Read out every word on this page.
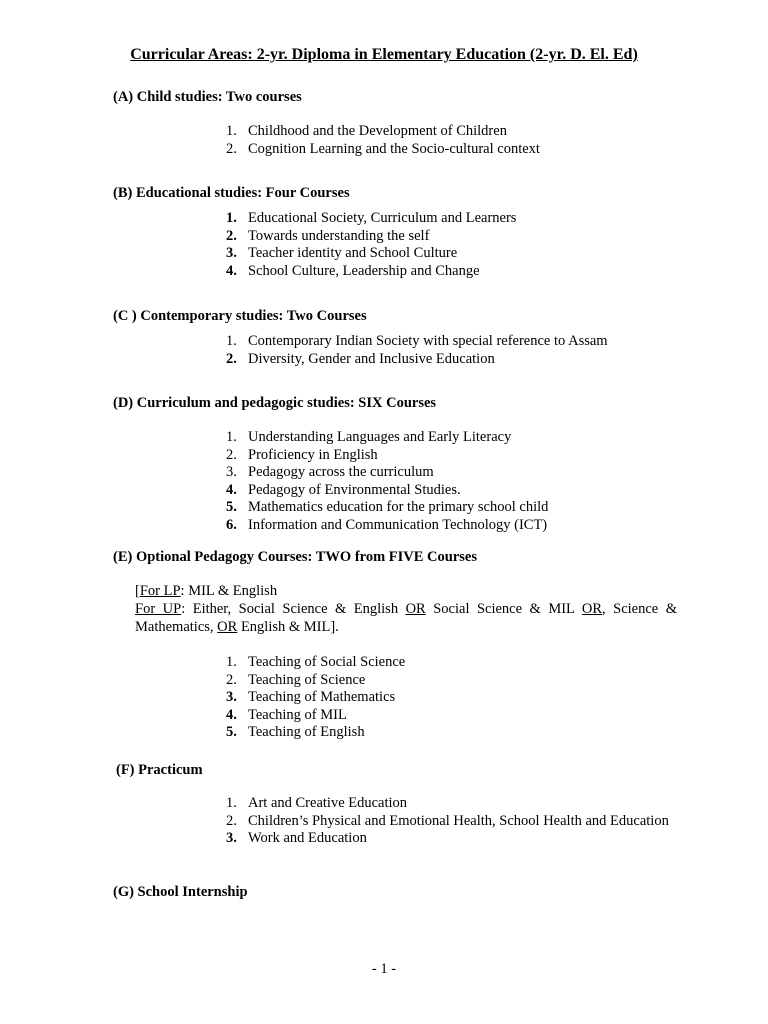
Curricular Areas: 2-yr. Diploma in Elementary Education (2-yr. D. El. Ed)
(A) Child studies: Two courses
1. Childhood and the Development of Children
2. Cognition Learning and the Socio-cultural context
(B) Educational studies: Four Courses
1. Educational Society, Curriculum and Learners
2. Towards understanding the self
3. Teacher identity and School Culture
4. School Culture, Leadership and Change
(C ) Contemporary studies: Two Courses
1. Contemporary Indian Society with special reference to Assam
2. Diversity, Gender and Inclusive Education
(D) Curriculum and pedagogic studies: SIX Courses
1. Understanding Languages and Early Literacy
2. Proficiency in English
3. Pedagogy across the curriculum
4. Pedagogy of Environmental Studies.
5. Mathematics education for the primary school child
6. Information and Communication Technology (ICT)
(E) Optional Pedagogy Courses: TWO from FIVE Courses

[For LP: MIL & English

For UP: Either, Social Science & English OR Social Science & MIL OR, Science & Mathematics, OR English & MIL].

1. Teaching of Social Science
2. Teaching of Science
3. Teaching of Mathematics
4. Teaching of MIL
5. Teaching of English
(F) Practicum
1. Art and Creative Education
2. Children’s Physical and Emotional Health, School Health and Education
3. Work and Education
(G) School Internship
- 1 -
